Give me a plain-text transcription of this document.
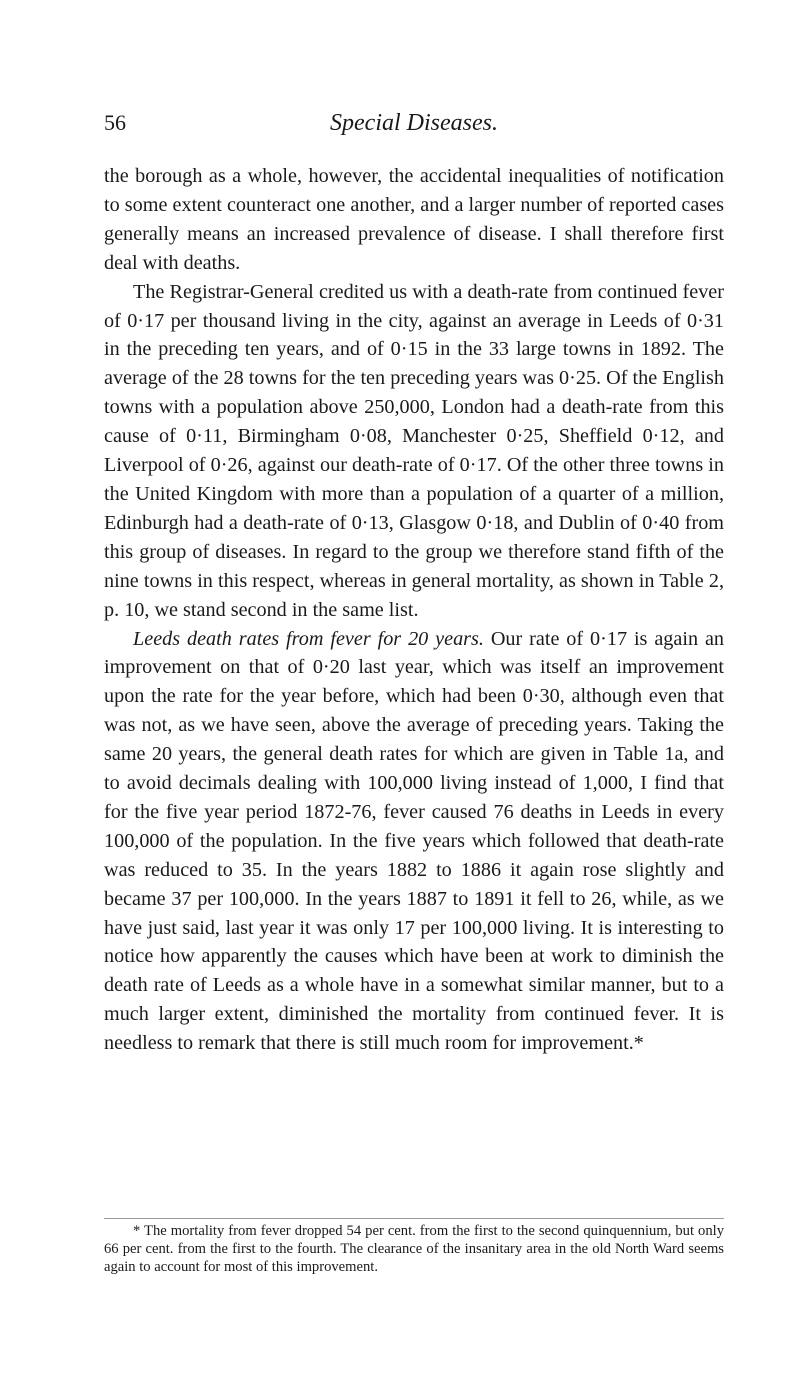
56	Special Diseases.

the borough as a whole, however, the accidental inequalities of notification to some extent counteract one another, and a larger number of reported cases generally means an increased prevalence of disease. I shall therefore first deal with deaths.

The Registrar-General credited us with a death-rate from continued fever of 0·17 per thousand living in the city, against an average in Leeds of 0·31 in the preceding ten years, and of 0·15 in the 33 large towns in 1892. The average of the 28 towns for the ten preceding years was 0·25. Of the English towns with a population above 250,000, London had a death-rate from this cause of 0·11, Birmingham 0·08, Manchester 0·25, Sheffield 0·12, and Liverpool of 0·26, against our death-rate of 0·17. Of the other three towns in the United Kingdom with more than a population of a quarter of a million, Edinburgh had a death-rate of 0·13, Glasgow 0·18, and Dublin of 0·40 from this group of diseases. In regard to the group we therefore stand fifth of the nine towns in this respect, whereas in general mortality, as shown in Table 2, p. 10, we stand second in the same list.

Leeds death rates from fever for 20 years. Our rate of 0·17 is again an improvement on that of 0·20 last year, which was itself an improvement upon the rate for the year before, which had been 0·30, although even that was not, as we have seen, above the average of preceding years. Taking the same 20 years, the general death rates for which are given in Table 1a, and to avoid decimals dealing with 100,000 living instead of 1,000, I find that for the five year period 1872-76, fever caused 76 deaths in Leeds in every 100,000 of the population. In the five years which followed that death-rate was reduced to 35. In the years 1882 to 1886 it again rose slightly and became 37 per 100,000. In the years 1887 to 1891 it fell to 26, while, as we have just said, last year it was only 17 per 100,000 living. It is interesting to notice how apparently the causes which have been at work to diminish the death rate of Leeds as a whole have in a somewhat similar manner, but to a much larger extent, diminished the mortality from continued fever. It is needless to remark that there is still much room for improvement.*

* The mortality from fever dropped 54 per cent. from the first to the second quinquennium, but only 66 per cent. from the first to the fourth. The clearance of the insanitary area in the old North Ward seems again to account for most of this improvement.
